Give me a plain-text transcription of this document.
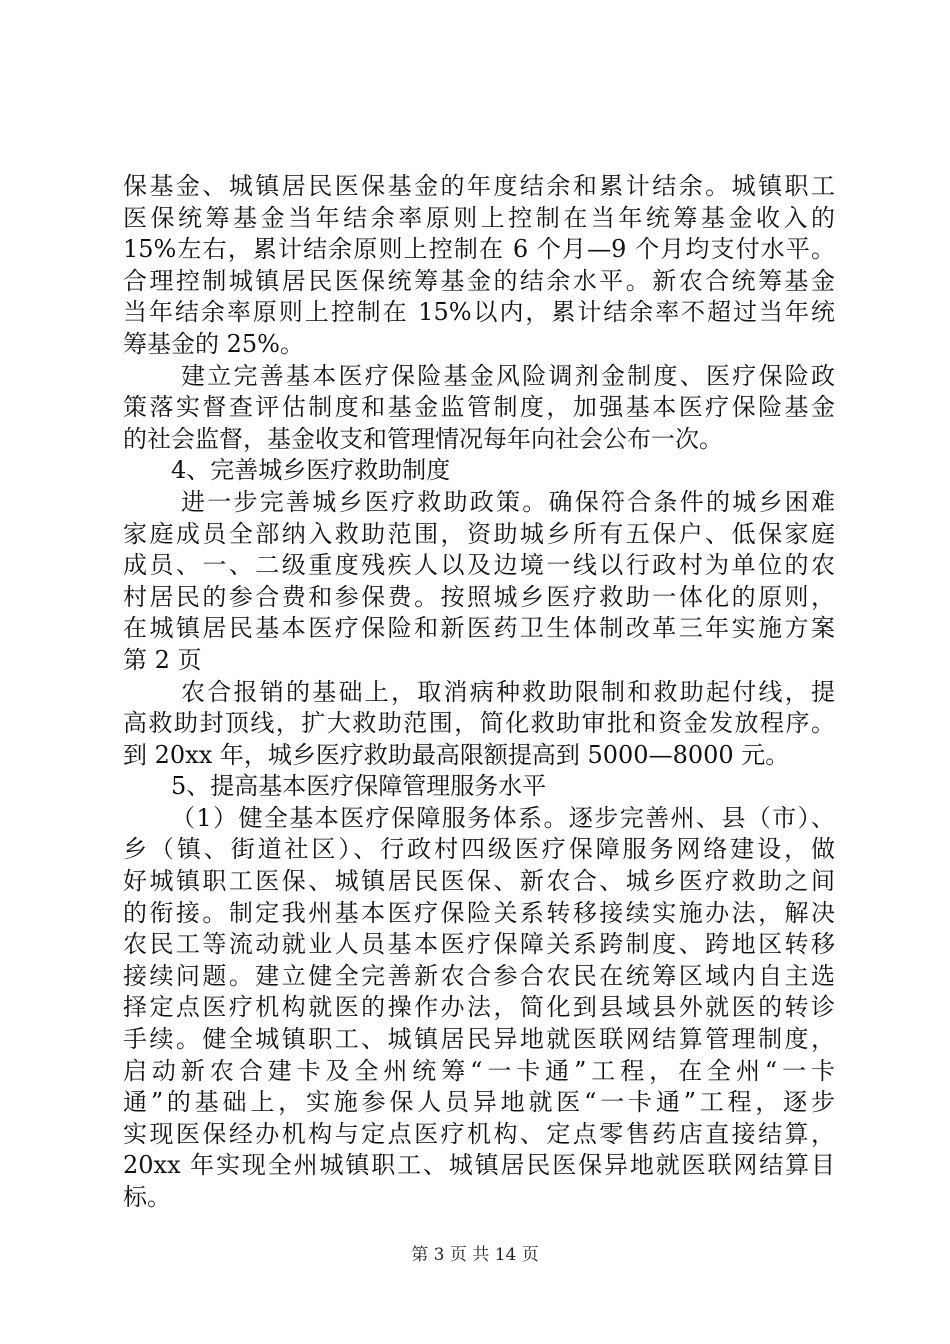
保基金、城镇居民医保基金的年度结余和累计结余。城镇职工
医保统筹基金当年结余率原则上控制在当年统筹基金收入的
15%左右，累计结余原则上控制在 6 个月—9 个月均支付水平。
合理控制城镇居民医保统筹基金的结余水平。新农合统筹基金
当年结余率原则上控制在 15%以内，累计结余率不超过当年统
筹基金的 25%。
建立完善基本医疗保险基金风险调剂金制度、医疗保险政
策落实督查评估制度和基金监管制度，加强基本医疗保险基金
的社会监督，基金收支和管理情况每年向社会公布一次。
4、完善城乡医疗救助制度
进一步完善城乡医疗救助政策。确保符合条件的城乡困难
家庭成员全部纳入救助范围，资助城乡所有五保户、低保家庭
成员、一、二级重度残疾人以及边境一线以行政村为单位的农
村居民的参合费和参保费。按照城乡医疗救助一体化的原则，
在城镇居民基本医疗保险和新医药卫生体制改革三年实施方案
第 2 页
农合报销的基础上，取消病种救助限制和救助起付线，提
高救助封顶线，扩大救助范围，简化救助审批和资金发放程序。
到 20xx 年，城乡医疗救助最高限额提高到 5000—8000 元。
5、提高基本医疗保障管理服务水平
（1）健全基本医疗保障服务体系。逐步完善州、县（市）、
乡（镇、街道社区）、行政村四级医疗保障服务网络建设，做
好城镇职工医保、城镇居民医保、新农合、城乡医疗救助之间
的衔接。制定我州基本医疗保险关系转移接续实施办法，解决
农民工等流动就业人员基本医疗保障关系跨制度、跨地区转移
接续问题。建立健全完善新农合参合农民在统筹区域内自主选
择定点医疗机构就医的操作办法，简化到县域县外就医的转诊
手续。健全城镇职工、城镇居民异地就医联网结算管理制度，
启动新农合建卡及全州统筹“一卡通”工程，在全州“一卡
通”的基础上，实施参保人员异地就医“一卡通”工程，逐步
实现医保经办机构与定点医疗机构、定点零售药店直接结算，
20xx 年实现全州城镇职工、城镇居民医保异地就医联网结算目
标。
第 3 页 共 14 页
